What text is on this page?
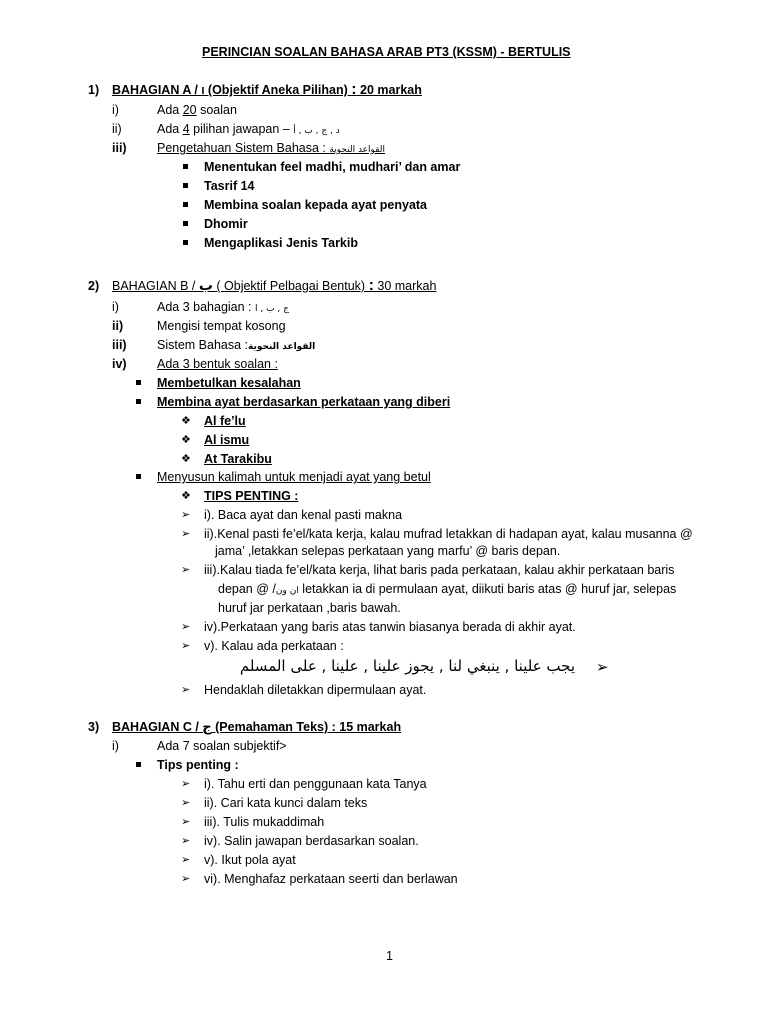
PERINCIAN SOALAN BAHASA ARAB PT3 (KSSM) - BERTULIS
1) BAHAGIAN A / ا (Objektif Aneka Pilihan) : 20 markah
i)	Ada 20 soalan
ii)	Ada 4 pilihan jawapan – د , ج , ب , أ
iii) Pengetahuan Sistem Bahasa : القواعد النحوية
Menentukan feel madhi, mudhari’ dan amar
Tasrif 14
Membina soalan kepada ayat penyata
Dhomir
Mengaplikasi Jenis Tarkib
2) BAHAGIAN B / ب ( Objektif Pelbagai Bentuk) : 30 markah
i)	Ada 3 bahagian : ج , ب , ا
ii)	Mengisi tempat kosong
iii) Sistem Bahasa :القواعد النحوية
iv) Ada 3 bentuk soalan :
Membetulkan kesalahan
Membina ayat berdasarkan perkataan yang diberi
❖ Al fe’lu
❖ Al ismu
❖ At Tarakibu
Menyusun kalimah untuk menjadi ayat yang betul
❖ TIPS PENTING :
➢ i). Baca ayat dan kenal pasti makna
➢ ii).Kenal pasti fe’el/kata kerja, kalau mufrad letakkan di hadapan ayat, kalau musanna @
jama’ ,letakkan selepas perkataan yang marfu’ @ baris depan.
➢ iii).Kalau tiada fe’el/kata kerja, lihat baris pada perkataan, kalau akhir perkataan baris
depan @ /ان ون letakkan ia di permulaan ayat, diikuti baris atas @ huruf jar, selepas
huruf jar perkataan ,baris bawah.
➢ iv).Perkataan yang baris atas tanwin biasanya berada di akhir ayat.
➢ v). Kalau ada perkataan :
يجب علينا , ينبغي لنا , يجوز علينا , علينا , على المسلم ➢
➢ Hendaklah diletakkan dipermulaan ayat.
3) BAHAGIAN C / ج (Pemahaman Teks) : 15 markah
i)	Ada 7 soalan subjektif>
Tips penting :
➢ i). Tahu erti dan penggunaan kata Tanya
➢ ii). Cari kata kunci dalam teks
➢ iii). Tulis mukaddimah
➢ iv). Salin jawapan berdasarkan soalan.
➢ v). Ikut pola ayat
➢ vi). Menghafaz perkataan seerti dan berlawan
1
